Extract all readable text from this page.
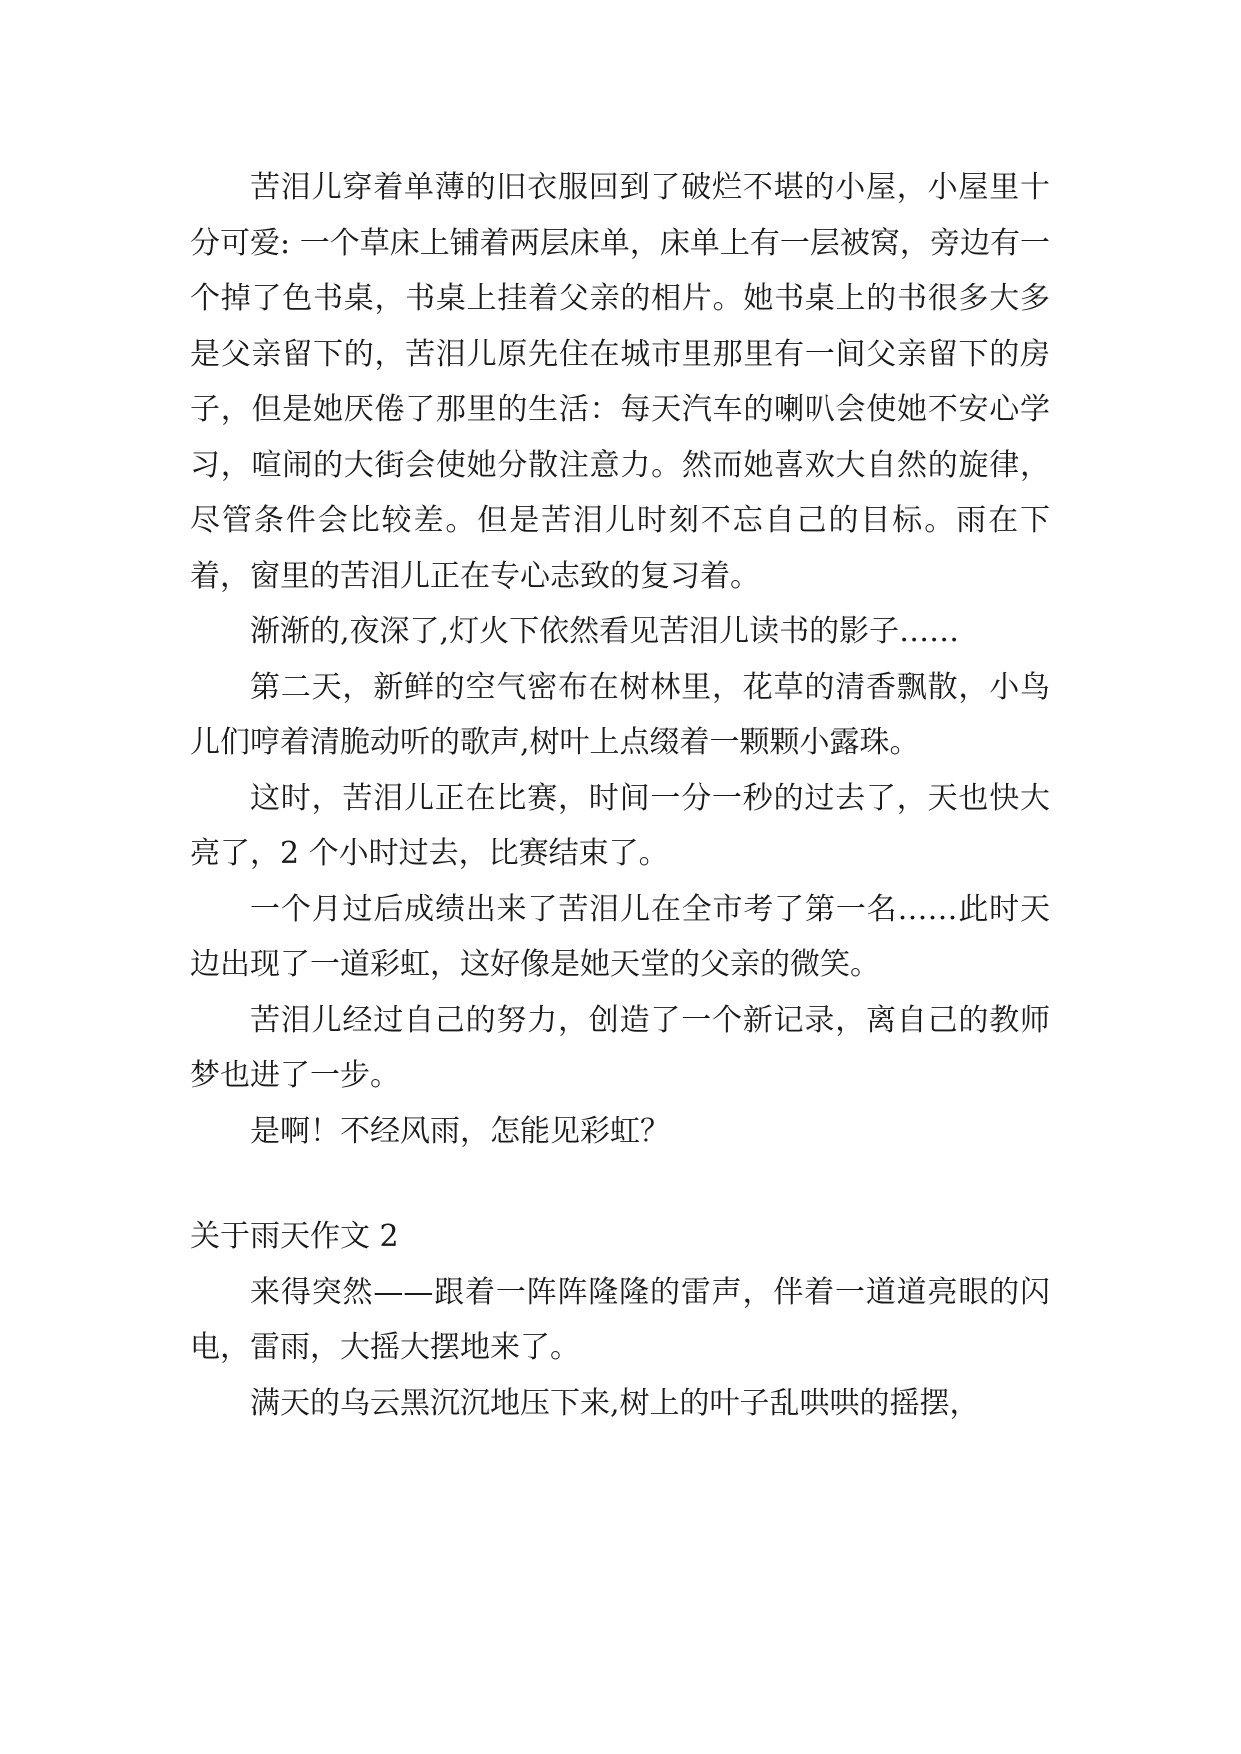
苦泪儿穿着单薄的旧衣服回到了破烂不堪的小屋，小屋里十分可爱: 一个草床上铺着两层床单，床单上有一层被窝，旁边有一个掉了色书桌，书桌上挂着父亲的相片。她书桌上的书很多大多是父亲留下的，苦泪儿原先住在城市里那里有一间父亲留下的房子，但是她厌倦了那里的生活：每天汽车的喇叭会使她不安心学习，喧闹的大街会使她分散注意力。然而她喜欢大自然的旋律，尽管条件会比较差。但是苦泪儿时刻不忘自己的目标。雨在下着，窗里的苦泪儿正在专心志致的复习着。

渐渐的,夜深了,灯火下依然看见苦泪儿读书的影子……

第二天，新鲜的空气密布在树林里，花草的清香飘散，小鸟儿们哼着清脆动听的歌声,树叶上点缀着一颗颗小露珠。

这时，苦泪儿正在比赛，时间一分一秒的过去了，天也快大亮了，2 个小时过去，比赛结束了。

一个月过后成绩出来了苦泪儿在全市考了第一名……此时天边出现了一道彩虹，这好像是她天堂的父亲的微笑。

苦泪儿经过自己的努力，创造了一个新记录，离自己的教师梦也进了一步。

是啊！不经风雨，怎能见彩虹？

关于雨天作文 2

来得突然——跟着一阵阵隆隆的雷声，伴着一道道亮眼的闪电，雷雨，大摇大摆地来了。

满天的乌云黑沉沉地压下来,树上的叶子乱哄哄的摇摆，
